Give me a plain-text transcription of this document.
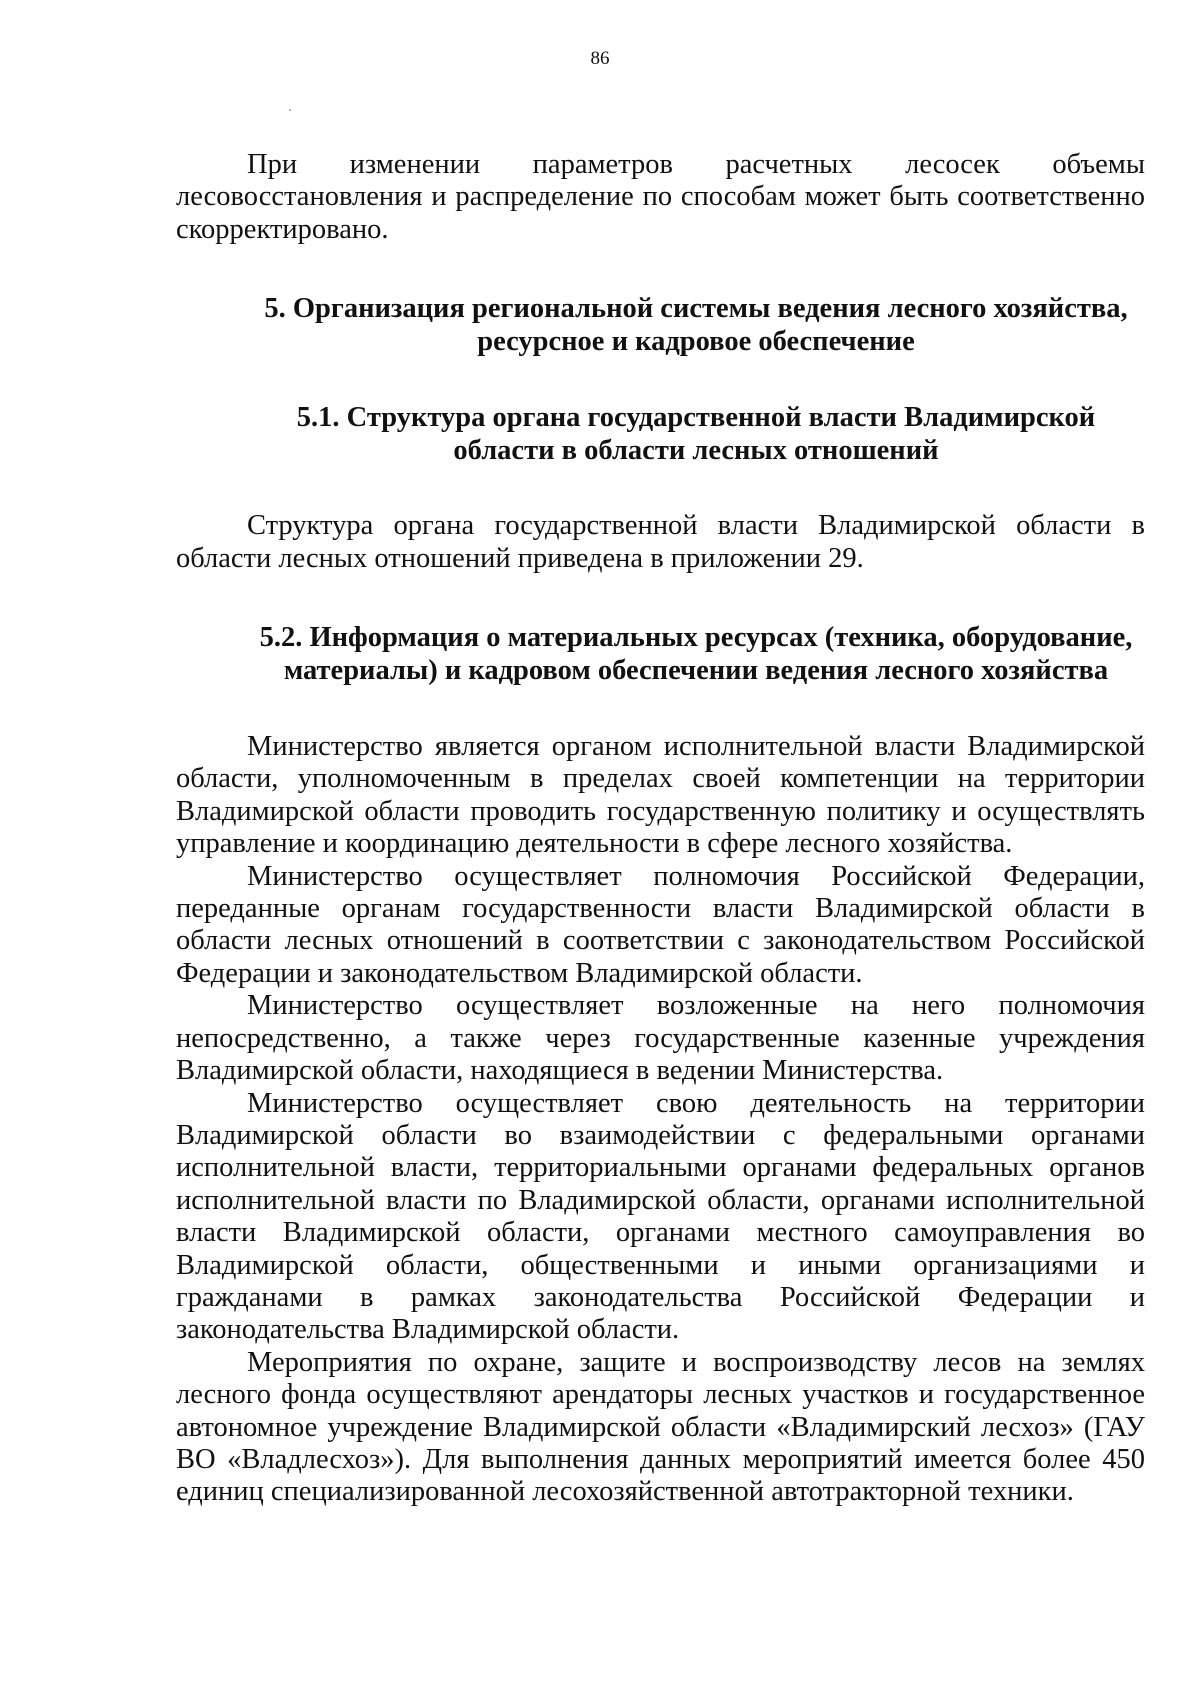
86

При изменении параметров расчетных лесосек объемы лесовосстановления и распределение по способам может быть соответственно скорректировано.

5. Организация региональной системы ведения лесного хозяйства,
ресурсное и кадровое обеспечение
5.1. Структура органа государственной власти Владимирской
области в области лесных отношений

Структура органа государственной власти Владимирской области в области лесных отношений приведена в приложении 29.

5.2. Информация о материальных ресурсах (техника, оборудование,
материалы) и кадровом обеспечении ведения лесного хозяйства

Министерство является органом исполнительной власти Владимирской области, уполномоченным в пределах своей компетенции на территории Владимирской области проводить государственную политику и осуществлять управление и координацию деятельности в сфере лесного хозяйства.

Министерство осуществляет полномочия Российской Федерации, переданные органам государственности власти Владимирской области в области лесных отношений в соответствии с законодательством Российской Федерации и законодательством Владимирской области.

Министерство осуществляет возложенные на него полномочия непосредственно, а также через государственные казенные учреждения Владимирской области, находящиеся в ведении Министерства.

Министерство осуществляет свою деятельность на территории Владимирской области во взаимодействии с федеральными органами исполнительной власти, территориальными органами федеральных органов исполнительной власти по Владимирской области, органами исполнительной власти Владимирской области, органами местного самоуправления во Владимирской области, общественными и иными организациями и гражданами в рамках законодательства Российской Федерации и законодательства Владимирской области.

Мероприятия по охране, защите и воспроизводству лесов на землях лесного фонда осуществляют арендаторы лесных участков и государственное автономное учреждение Владимирской области «Владимирский лесхоз» (ГАУ ВО «Владлесхоз»). Для выполнения данных мероприятий имеется более 450 единиц специализированной лесохозяйственной автотракторной техники.
